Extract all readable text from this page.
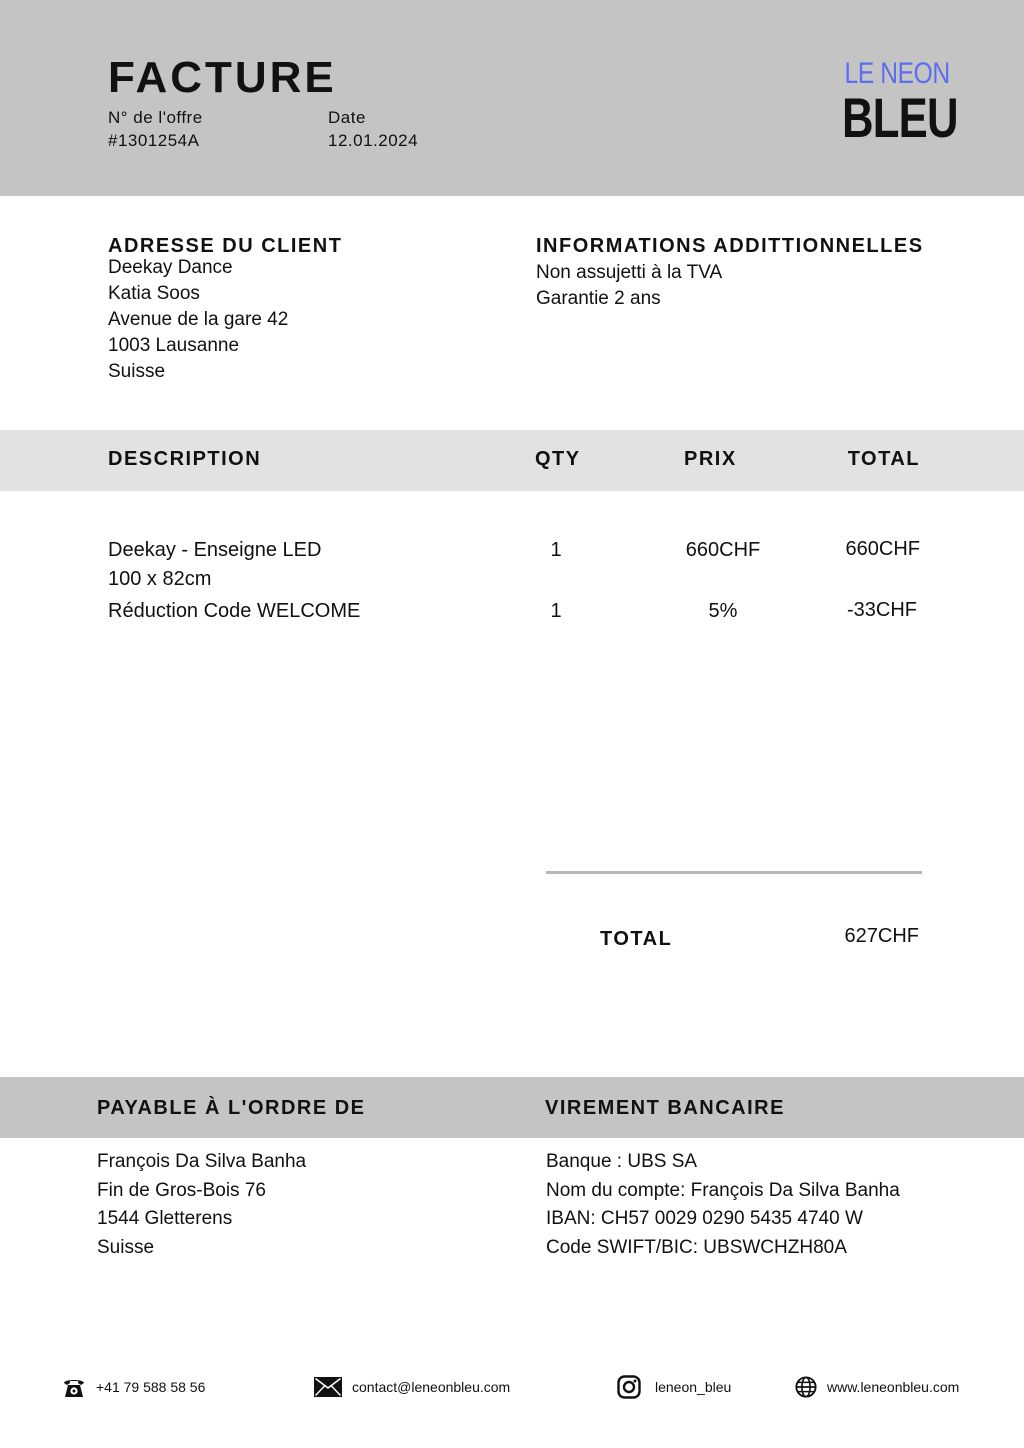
FACTURE
N° de l'offre
#1301254A
Date
12.01.2024
LE NEON
BLEU
ADRESSE DU CLIENT
Deekay Dance
Katia Soos
Avenue de la gare 42
1003 Lausanne
Suisse
INFORMATIONS ADDITTIONNELLES
Non assujetti à la TVA
Garantie 2 ans
DESCRIPTION	QTY	PRIX	TOTAL
Deekay - Enseigne LED
100 x 82cm
1	660CHF	660CHF
Réduction Code WELCOME	1	5%	-33CHF
TOTAL	627CHF
PAYABLE À L'ORDRE DE	VIREMENT BANCAIRE
François Da Silva Banha
Fin de Gros-Bois 76
1544 Gletterens
Suisse
Banque : UBS SA
Nom du compte: François Da Silva Banha
IBAN: CH57 0029 0290 5435 4740 W
Code SWIFT/BIC: UBSWCHZH80A
+41 79 588 58 56	contact@leneonbleu.com	leneon_bleu	www.leneonbleu.com
